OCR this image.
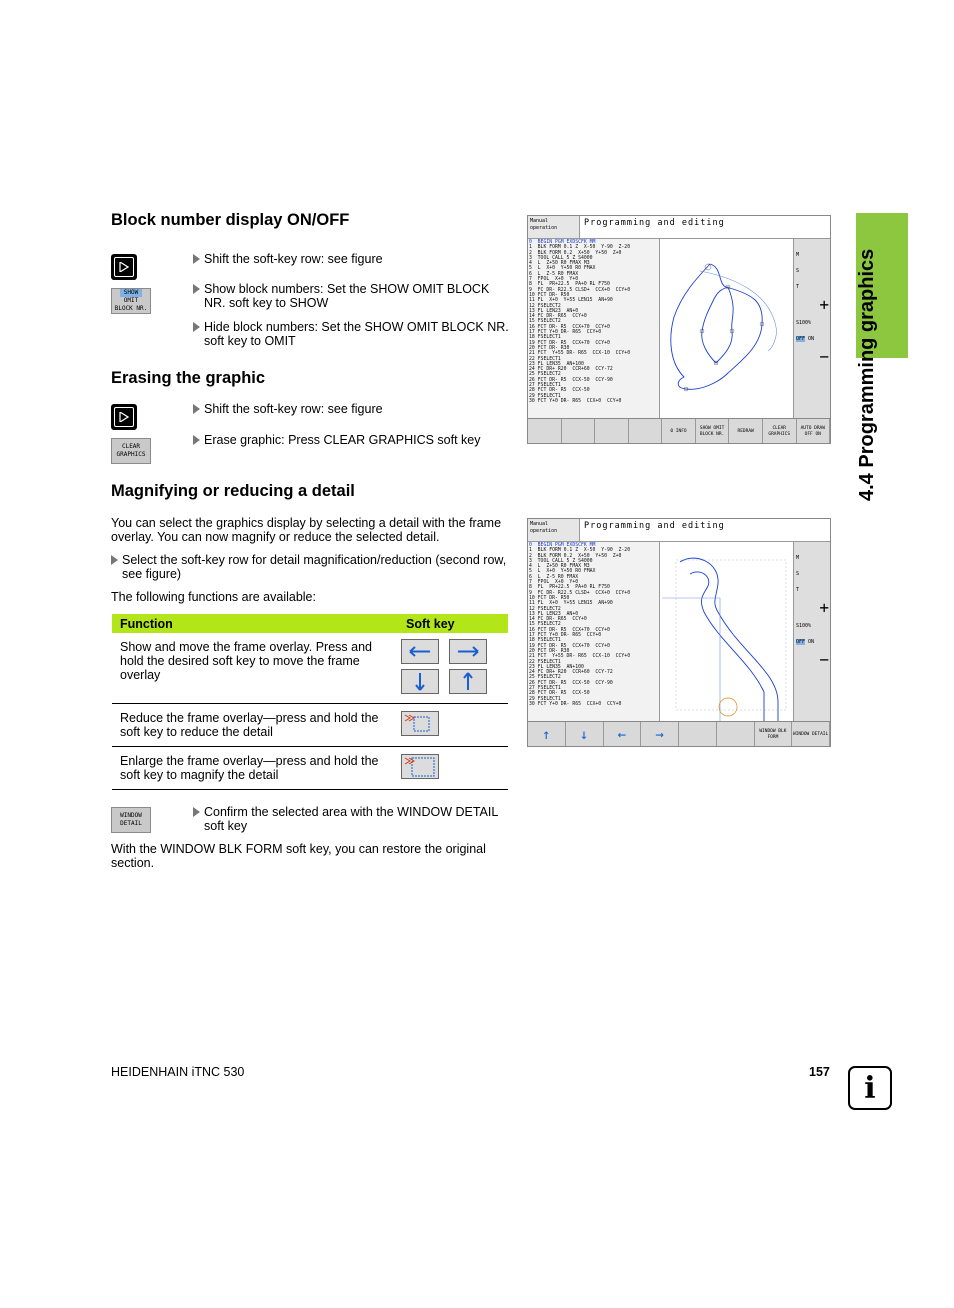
4.4 Programming graphics
Block number display ON/OFF
Shift the soft-key row: see figure
SHOW
OMIT
BLOCK NR.
Show block numbers: Set the SHOW OMIT BLOCK NR. soft key to SHOW
Hide block numbers: Set the SHOW OMIT BLOCK NR. soft key to OMIT
Erasing the graphic
Shift the soft-key row: see figure
CLEAR
GRAPHICS
Erase graphic: Press CLEAR GRAPHICS soft key
Magnifying or reducing a detail
You can select the graphics display by selecting a detail with the frame overlay. You can now magnify or reduce the selected detail.
Select the soft-key row for detail magnification/reduction (second row, see figure)
The following functions are available:
Function	Soft key
Show and move the frame overlay. Press and hold the desired soft key to move the frame overlay	

Reduce the frame overlay—press and hold the soft key to reduce the detail	
Enlarge the frame overlay—press and hold the soft key to magnify the detail	
WINDOW
DETAIL
Confirm the selected area with the WINDOW DETAIL soft key
With the WINDOW BLK FORM soft key, you can restore the original section.
Manual
operation	Programming and editing
0  BEGIN PGM EXDSCFK MM
1  BLK FORM 0.1 Z  X-50  Y-90  Z-20
2  BLK FORM 0.2  X+50  Y+50  Z+0
3  TOOL CALL 5 Z S4000
4  L  Z+50 R0 FMAX M3
5  L  X+0  Y+50 R0 FMAX
6  L  Z-5 R0 FMAX
7  FPOL  X+0  Y+0
8  FL  PR+22.5  PA+0 RL F750
9  FC DR- R22.5 CLSD+  CCX+0  CCY+0
10 FCT DR- R50
11 FL  X+0  Y+55 LEN15  AN+90
12 FSELECT2
13 FL LEN23  AN+0
14 FC DR- R65  CCY+0
15 FSELECT2
16 FCT DR- R5  CCX+70  CCY+0
17 FCT Y+0 DR- R65  CCY+0
18 FSELECT1
19 FCT DR- R5  CCX+70  CCY+0
20 FCT DR- R30
21 FCT  Y+55 DR- R65  CCX-10  CCY+0
22 FSELECT1
23 FL LEN35  AN+100
24 FC DR+ R20  CCR+60  CCY-72
25 FSELECT2
26 FCT DR- R5  CCX-50  CCY-90
27 FSELECT1
28 FCT DR- R5  CCX-50
29 FSELECT1
30 FCT Y+0 DR- R65  CCX+0  CCY+0
M
S
T
+
S100%
OFF ON
−
0 INFO
SHOW OMIT BLOCK NR.
REDRAW
CLEAR GRAPHICS
AUTO DRAW OFF ON
Manual
operation	Programming and editing
0  BEGIN PGM EXDSCFK MM
1  BLK FORM 0.1 Z  X-50  Y-90  Z-20
2  BLK FORM 0.2  X+50  Y+50  Z+0
3  TOOL CALL 5 Z S4000
4  L  Z+50 R0 FMAX M3
5  L  X+0  Y+50 R0 FMAX
6  L  Z-5 R0 FMAX
7  FPOL  X+0  Y+0
8  FL  PR+22.5  PA+0 RL F750
9  FC DR- R22.5 CLSD+  CCX+0  CCY+0
10 FCT DR- R50
11 FL  X+0  Y+55 LEN15  AN+90
12 FSELECT2
13 FL LEN23  AN+0
14 FC DR- R65  CCY+0
15 FSELECT2
16 FCT DR- R5  CCX+70  CCY+0
17 FCT Y+0 DR- R65  CCY+0
18 FSELECT1
19 FCT DR- R5  CCX+70  CCY+0
20 FCT DR- R30
21 FCT  Y+55 DR- R65  CCX-10  CCY+0
22 FSELECT1
23 FL LEN35  AN+100
24 FC DR+ R20  CCR+60  CCY-72
25 FSELECT2
26 FCT DR- R5  CCX-50  CCY-90
27 FSELECT1
28 FCT DR- R5  CCX-50
29 FSELECT1
30 FCT Y+0 DR- R65  CCX+0  CCY+0
M
S
T
+
S100%
OFF ON
−
↑	↓	←	→	WINDOW BLK FORM
WINDOW DETAIL
HEIDENHAIN iTNC 530	157 i
